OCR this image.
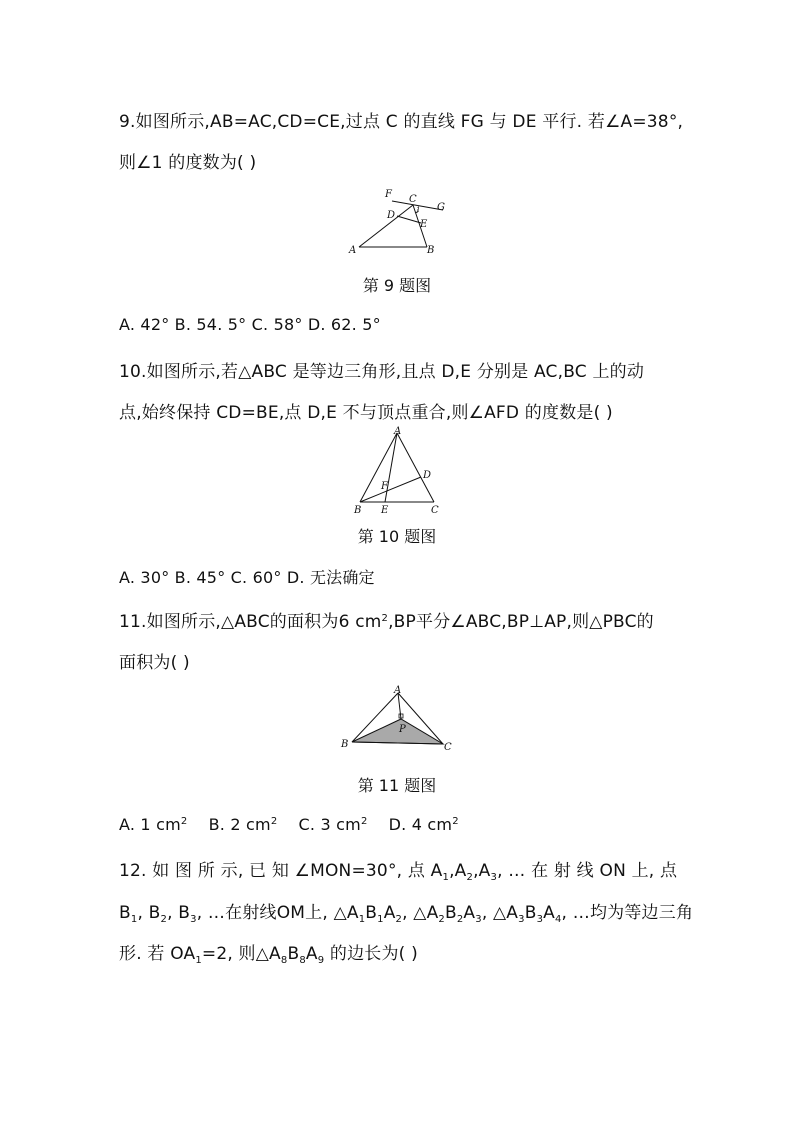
9.如图所示,AB=AC,CD=CE,过点 C 的直线 FG 与 DE 平行. 若∠A=38°,
则∠1 的度数为( )
F C
G
D	1
E
A	B
第 9 题图
A. 42° B. 54. 5° C. 58° D. 62. 5°
10.如图所示,若△ABC 是等边三角形,且点 D,E 分别是 AC,BC 上的动
点,始终保持 CD=BE,点 D,E 不与顶点重合,则∠AFD 的度数是( )
A
D
F
B E	C
第 10 题图
A. 30° B. 45° C. 60° D. 无法确定
11.如图所示,△ABC的面积为6 $cm^2,BP$平分∠ABC,BP⊥AP,则△PBC的
面积为( )
A
P
B	C
第 11 题图
A. 1 $cm^2$ B. 2 $cm^2$ C. 3 $cm^2$ D. 4 $cm^2$
12. 如 图 所 示, 已 知 ∠MON=30°, 点 $A_1,A_2,A_3$, … 在 射 线 ON 上, 点
$B_1$, $B_2$, $B_3$, …在射线OM上, $\triangle A_1B_1A_2$, $\triangle A_2B_2A_3$, $\triangle A_3B_3A_4$, …均为等边三角
形. 若 $OA_1=2$, 则$\triangle A_8B_8A_9$ 的边长为( )
